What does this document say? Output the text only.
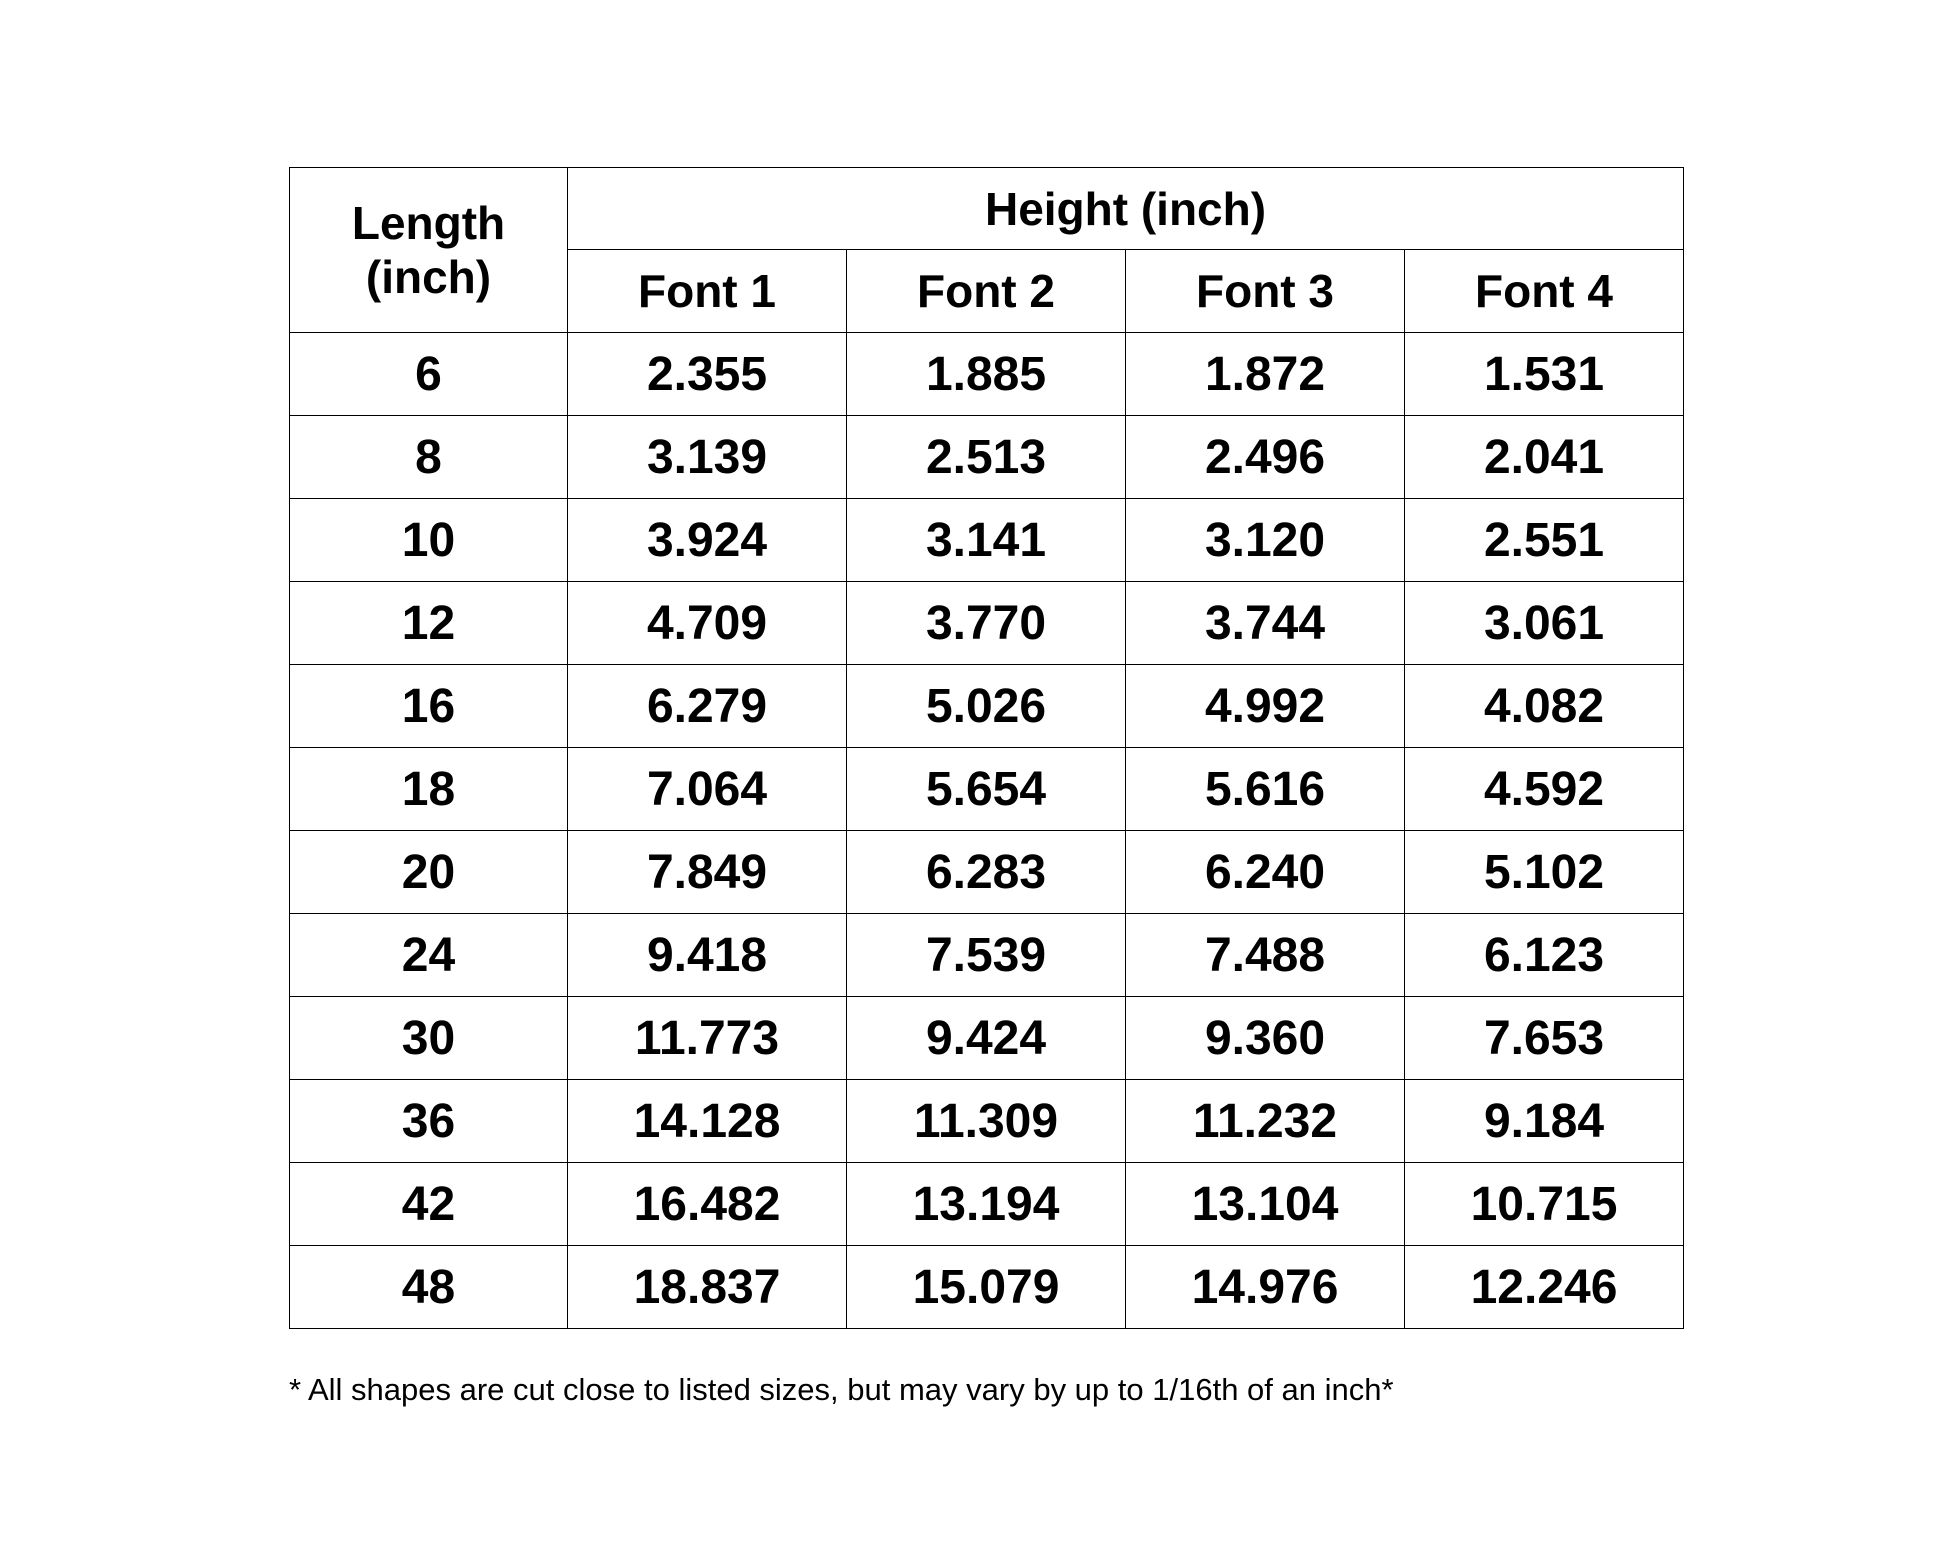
Length
(inch)	Height (inch)			
	Font 1	Font 2	Font 3	Font 4
6	2.355	1.885	1.872	1.531
8	3.139	2.513	2.496	2.041
10	3.924	3.141	3.120	2.551
12	4.709	3.770	3.744	3.061
16	6.279	5.026	4.992	4.082
18	7.064	5.654	5.616	4.592
20	7.849	6.283	6.240	5.102
24	9.418	7.539	7.488	6.123
30	11.773	9.424	9.360	7.653
36	14.128	11.309	11.232	9.184
42	16.482	13.194	13.104	10.715
48	18.837	15.079	14.976	12.246
* All shapes are cut close to listed sizes, but may vary by up to 1/16th of an inch*
